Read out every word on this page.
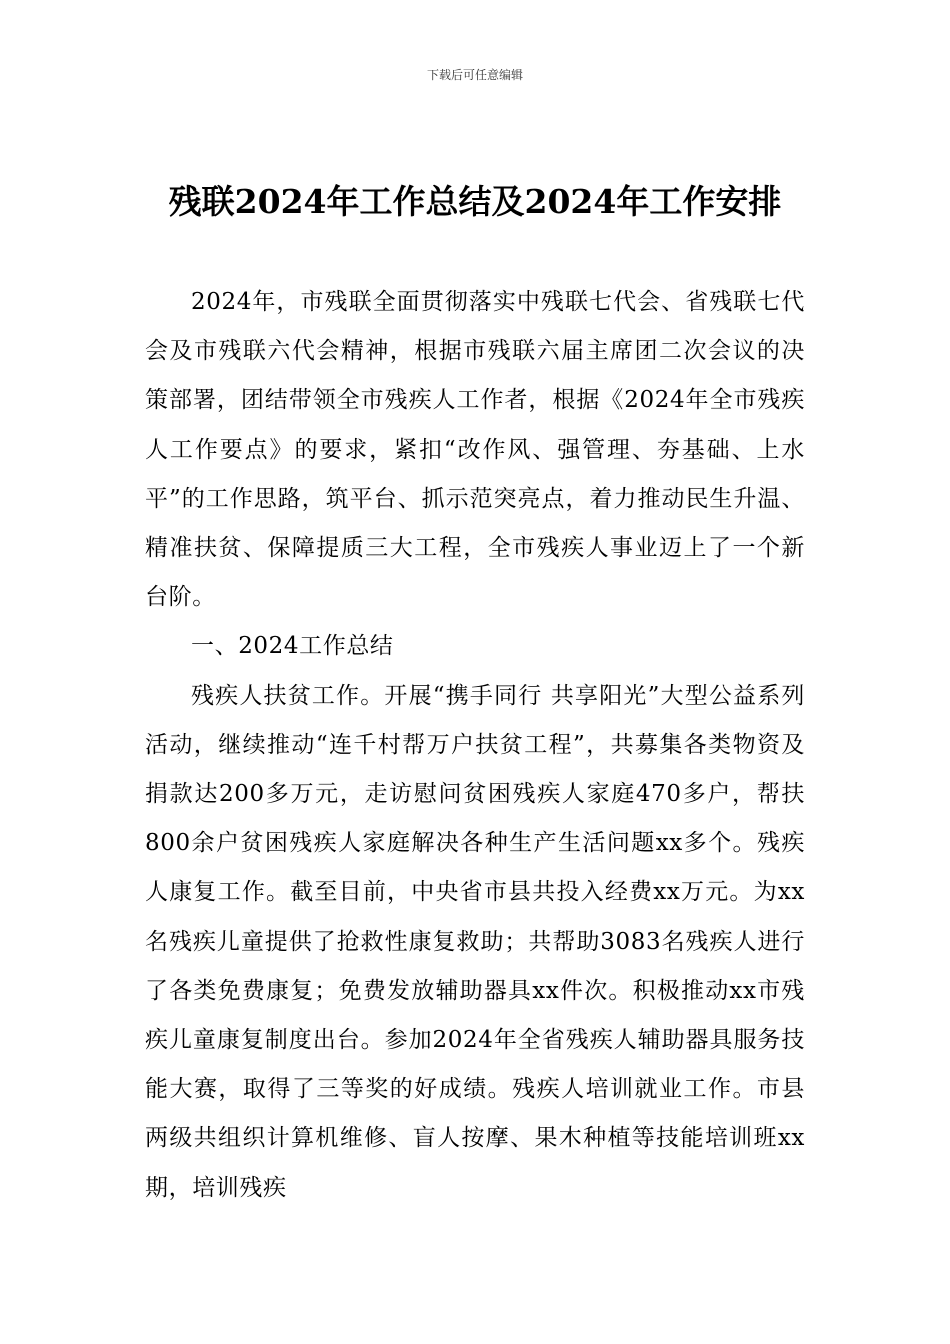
下载后可任意编辑
残联2024年工作总结及2024年工作安排

2024年，市残联全面贯彻落实中残联七代会、省残联七代会及市残联六代会精神，根据市残联六届主席团二次会议的决策部署，团结带领全市残疾人工作者，根据《2024年全市残疾人工作要点》的要求，紧扣“改作风、强管理、夯基础、上水平”的工作思路，筑平台、抓示范突亮点，着力推动民生升温、精准扶贫、保障提质三大工程，全市残疾人事业迈上了一个新台阶。

一、2024工作总结

残疾人扶贫工作。开展“携手同行 共享阳光”大型公益系列活动，继续推动“连千村帮万户扶贫工程”，共募集各类物资及捐款达200多万元，走访慰问贫困残疾人家庭470多户，帮扶800余户贫困残疾人家庭解决各种生产生活问题xx多个。残疾人康复工作。截至目前，中央省市县共投入经费xx万元。为xx名残疾儿童提供了抢救性康复救助；共帮助3083名残疾人进行了各类免费康复；免费发放辅助器具xx件次。积极推动xx市残疾儿童康复制度出台。参加2024年全省残疾人辅助器具服务技能大赛，取得了三等奖的好成绩。残疾人培训就业工作。市县两级共组织计算机维修、盲人按摩、果木种植等技能培训班xx期，培训残疾
